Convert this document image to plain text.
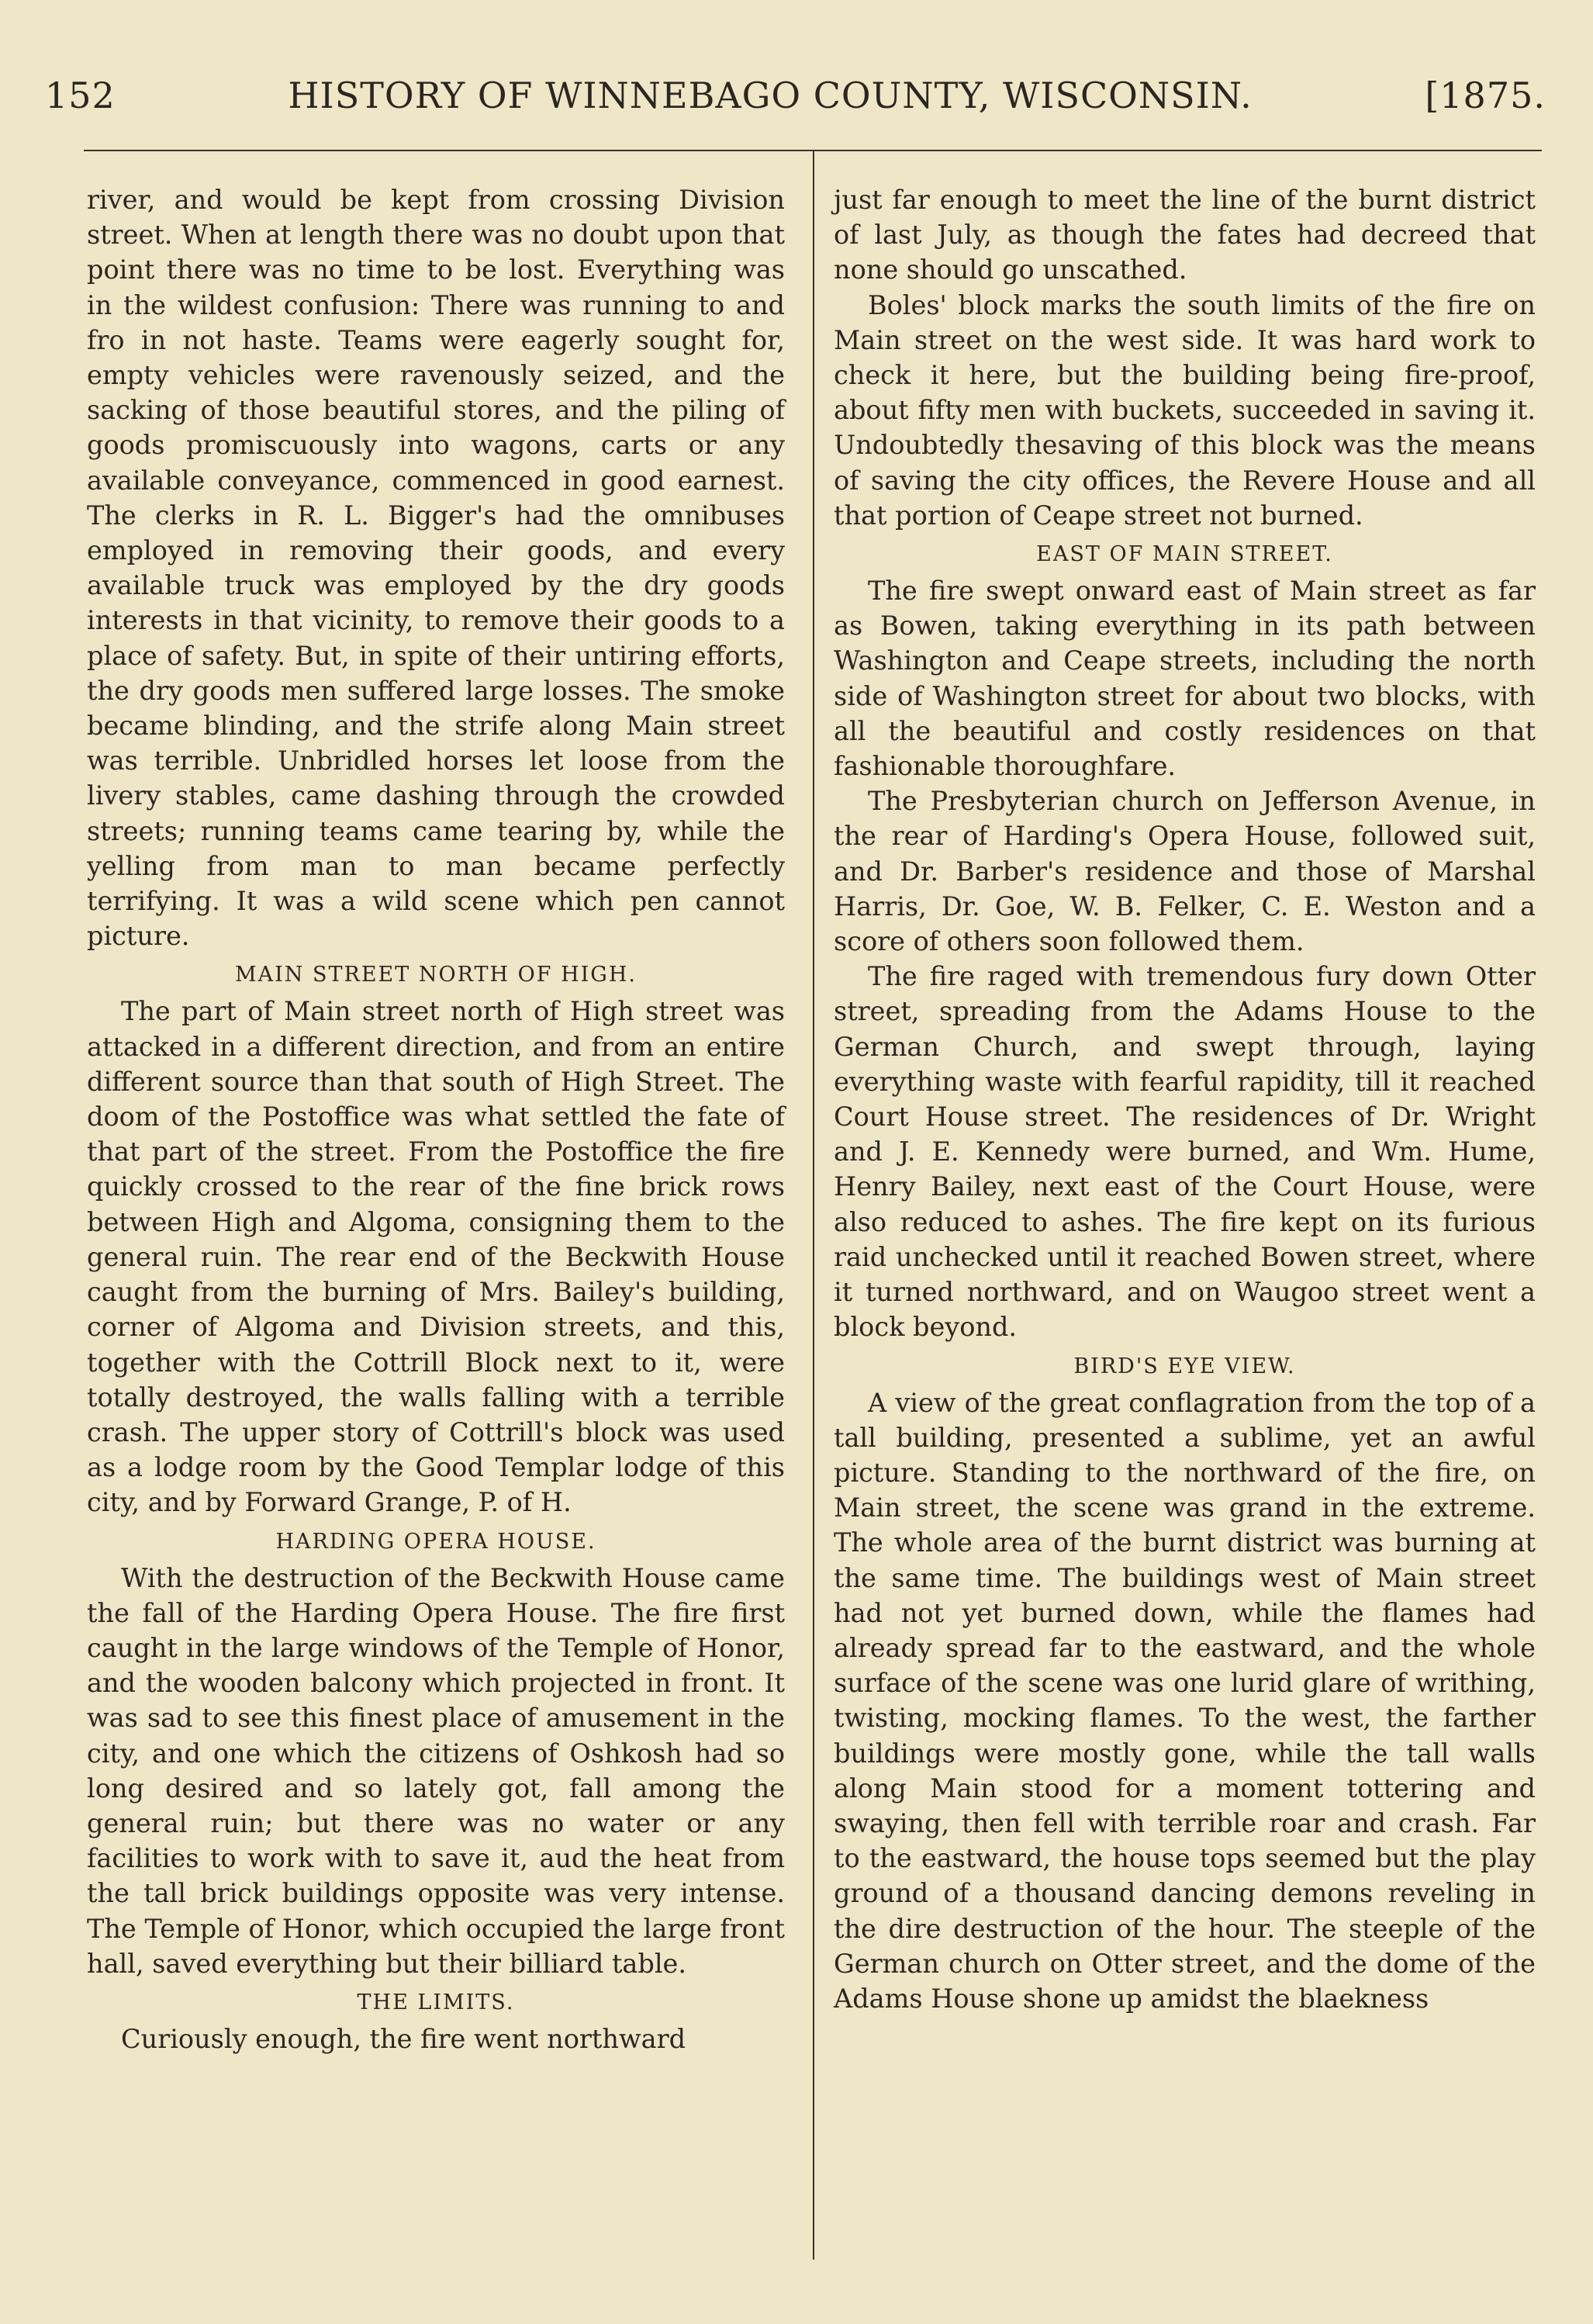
152	HISTORY OF WINNEBAGO COUNTY, WISCONSIN.	[1875.

river, and would be kept from crossing Division street. When at length there was no doubt upon that point there was no time to be lost. Everything was in the wildest confusion: There was running to and fro in not haste. Teams were eagerly sought for, empty vehicles were ravenously seized, and the sacking of those beautiful stores, and the piling of goods promiscuously into wagons, carts or any available conveyance, commenced in good earnest. The clerks in R. L. Bigger's had the omnibuses employed in removing their goods, and every available truck was employed by the dry goods interests in that vicinity, to remove their goods to a place of safety. But, in spite of their untiring efforts, the dry goods men suffered large losses. The smoke became blinding, and the strife along Main street was terrible. Unbridled horses let loose from the livery stables, came dashing through the crowded streets; running teams came tearing by, while the yelling from man to man became perfectly terrifying. It was a wild scene which pen cannot picture.

MAIN STREET NORTH OF HIGH.

The part of Main street north of High street was attacked in a different direction, and from an entire different source than that south of High Street. The doom of the Postoffice was what settled the fate of that part of the street. From the Postoffice the fire quickly crossed to the rear of the fine brick rows between High and Algoma, consigning them to the general ruin. The rear end of the Beckwith House caught from the burning of Mrs. Bailey's building, corner of Algoma and Division streets, and this, together with the Cottrill Block next to it, were totally destroyed, the walls falling with a terrible crash. The upper story of Cottrill's block was used as a lodge room by the Good Templar lodge of this city, and by Forward Grange, P. of H.

HARDING OPERA HOUSE.

With the destruction of the Beckwith House came the fall of the Harding Opera House. The fire first caught in the large windows of the Temple of Honor, and the wooden balcony which projected in front. It was sad to see this finest place of amusement in the city, and one which the citizens of Oshkosh had so long desired and so lately got, fall among the general ruin; but there was no water or any facilities to work with to save it, aud the heat from the tall brick buildings opposite was very intense. The Temple of Honor, which occupied the large front hall, saved everything but their billiard table.

THE LIMITS.

Curiously enough, the fire went northward

just far enough to meet the line of the burnt district of last July, as though the fates had decreed that none should go unscathed.

Boles' block marks the south limits of the fire on Main street on the west side. It was hard work to check it here, but the building being fire-proof, about fifty men with buckets, succeeded in saving it. Undoubtedly thesaving of this block was the means of saving the city offices, the Revere House and all that portion of Ceape street not burned.

EAST OF MAIN STREET.

The fire swept onward east of Main street as far as Bowen, taking everything in its path between Washington and Ceape streets, including the north side of Washington street for about two blocks, with all the beautiful and costly residences on that fashionable thoroughfare.

The Presbyterian church on Jefferson Avenue, in the rear of Harding's Opera House, followed suit, and Dr. Barber's residence and those of Marshal Harris, Dr. Goe, W. B. Felker, C. E. Weston and a score of others soon followed them.

The fire raged with tremendous fury down Otter street, spreading from the Adams House to the German Church, and swept through, laying everything waste with fearful rapidity, till it reached Court House street. The residences of Dr. Wright and J. E. Kennedy were burned, and Wm. Hume, Henry Bailey, next east of the Court House, were also reduced to ashes. The fire kept on its furious raid unchecked until it reached Bowen street, where it turned northward, and on Waugoo street went a block beyond.

BIRD'S EYE VIEW.

A view of the great conflagration from the top of a tall building, presented a sublime, yet an awful picture. Standing to the northward of the fire, on Main street, the scene was grand in the extreme. The whole area of the burnt district was burning at the same time. The buildings west of Main street had not yet burned down, while the flames had already spread far to the eastward, and the whole surface of the scene was one lurid glare of writhing, twisting, mocking flames. To the west, the farther buildings were mostly gone, while the tall walls along Main stood for a moment tottering and swaying, then fell with terrible roar and crash. Far to the eastward, the house tops seemed but the play ground of a thousand dancing demons reveling in the dire destruction of the hour. The steeple of the German church on Otter street, and the dome of the Adams House shone up amidst the blaekness
